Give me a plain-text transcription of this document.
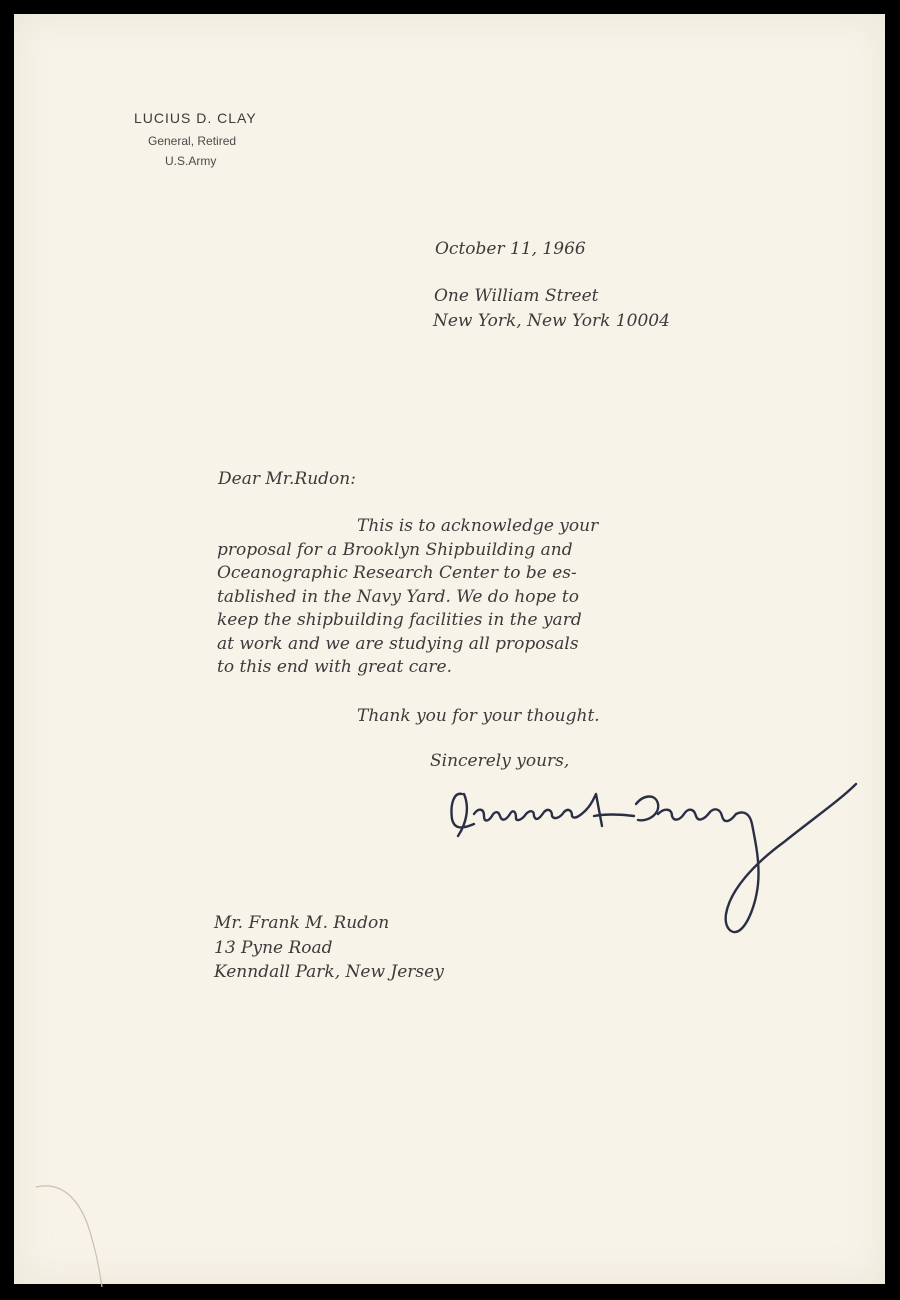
LUCIUS D. CLAY
General, Retired
U.S.Army
October 11, 1966
One William Street
New York, New York 10004
Dear Mr.Rudon:
This is to acknowledge your
proposal for a Brooklyn Shipbuilding and
Oceanographic Research Center to be es-
tablished in the Navy Yard. We do hope to
keep the shipbuilding facilities in the yard
at work and we are studying all proposals
to this end with great care.
Thank you for your thought.
Sincerely yours,
Mr. Frank M. Rudon
13 Pyne Road
Kenndall Park, New Jersey
